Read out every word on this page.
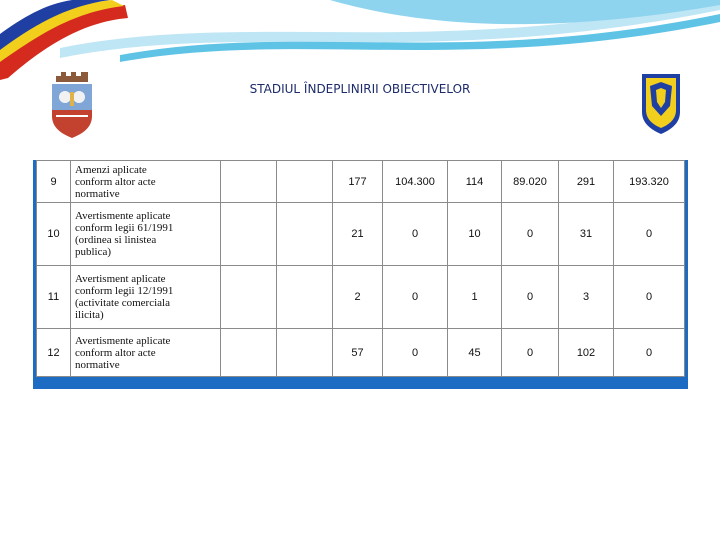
STADIUL ÎNDEPLINIRII OBIECTIVELOR
9	Amenzi aplicate
conform altor acte
normative			177	104.300	114	89.020	291	193.320
10	Avertismente aplicate
conform legii 61/1991
(ordinea si linistea
publica)			21	0	10	0	31	0
11	Avertisment aplicate
conform legii 12/1991
(activitate comerciala
ilicita)			2	0	1	0	3	0
12	Avertismente aplicate
conform altor acte
normative			57	0	45	0	102	0
